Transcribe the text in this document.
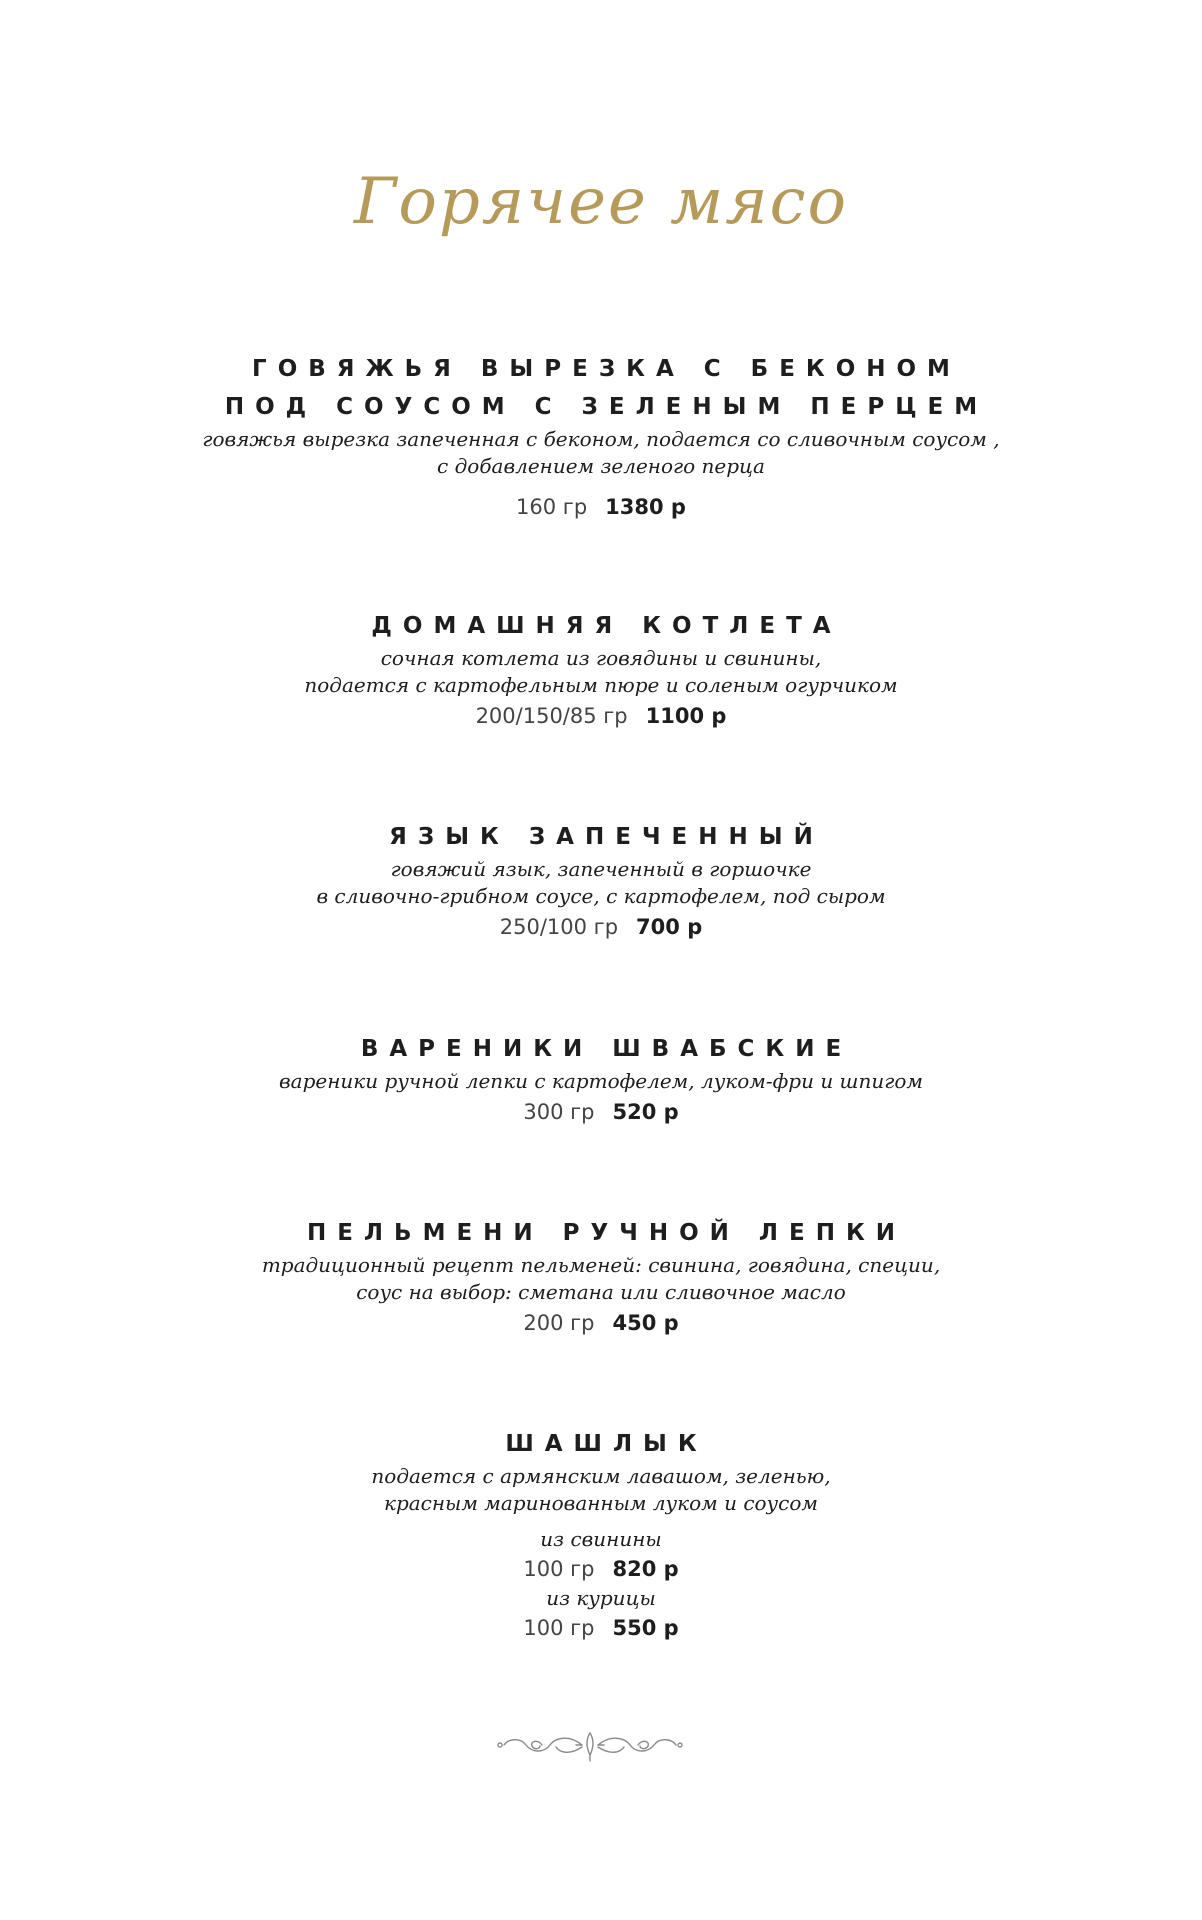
Горячее мясо
ГОВЯЖЬЯ ВЫРЕЗКА С БЕКОНОМ
ПОД СОУСОМ С ЗЕЛЕНЫМ ПЕРЦЕМ
говяжья вырезка запеченная с беконом, подается со сливочным соусом ,
с добавлением зеленого перца
160 гр 1380 р
ДОМАШНЯЯ КОТЛЕТА
сочная котлета из говядины и свинины,
подается с картофельным пюре и соленым огурчиком
200/150/85 гр 1100 р
ЯЗЫК ЗАПЕЧЕННЫЙ
говяжий язык, запеченный в горшочке
в сливочно-грибном соусе, с картофелем, под сыром
250/100 гр 700 р
ВАРЕНИКИ ШВАБСКИЕ
вареники ручной лепки с картофелем, луком-фри и шпигом
300 гр 520 р
ПЕЛЬМЕНИ РУЧНОЙ ЛЕПКИ
традиционный рецепт пельменей: свинина, говядина, специи,
соус на выбор: сметана или сливочное масло
200 гр 450 р
ШАШЛЫК
подается с армянским лавашом, зеленью,
красным маринованным луком и соусом
из свинины
100 гр 820 р
из курицы
100 гр 550 р
